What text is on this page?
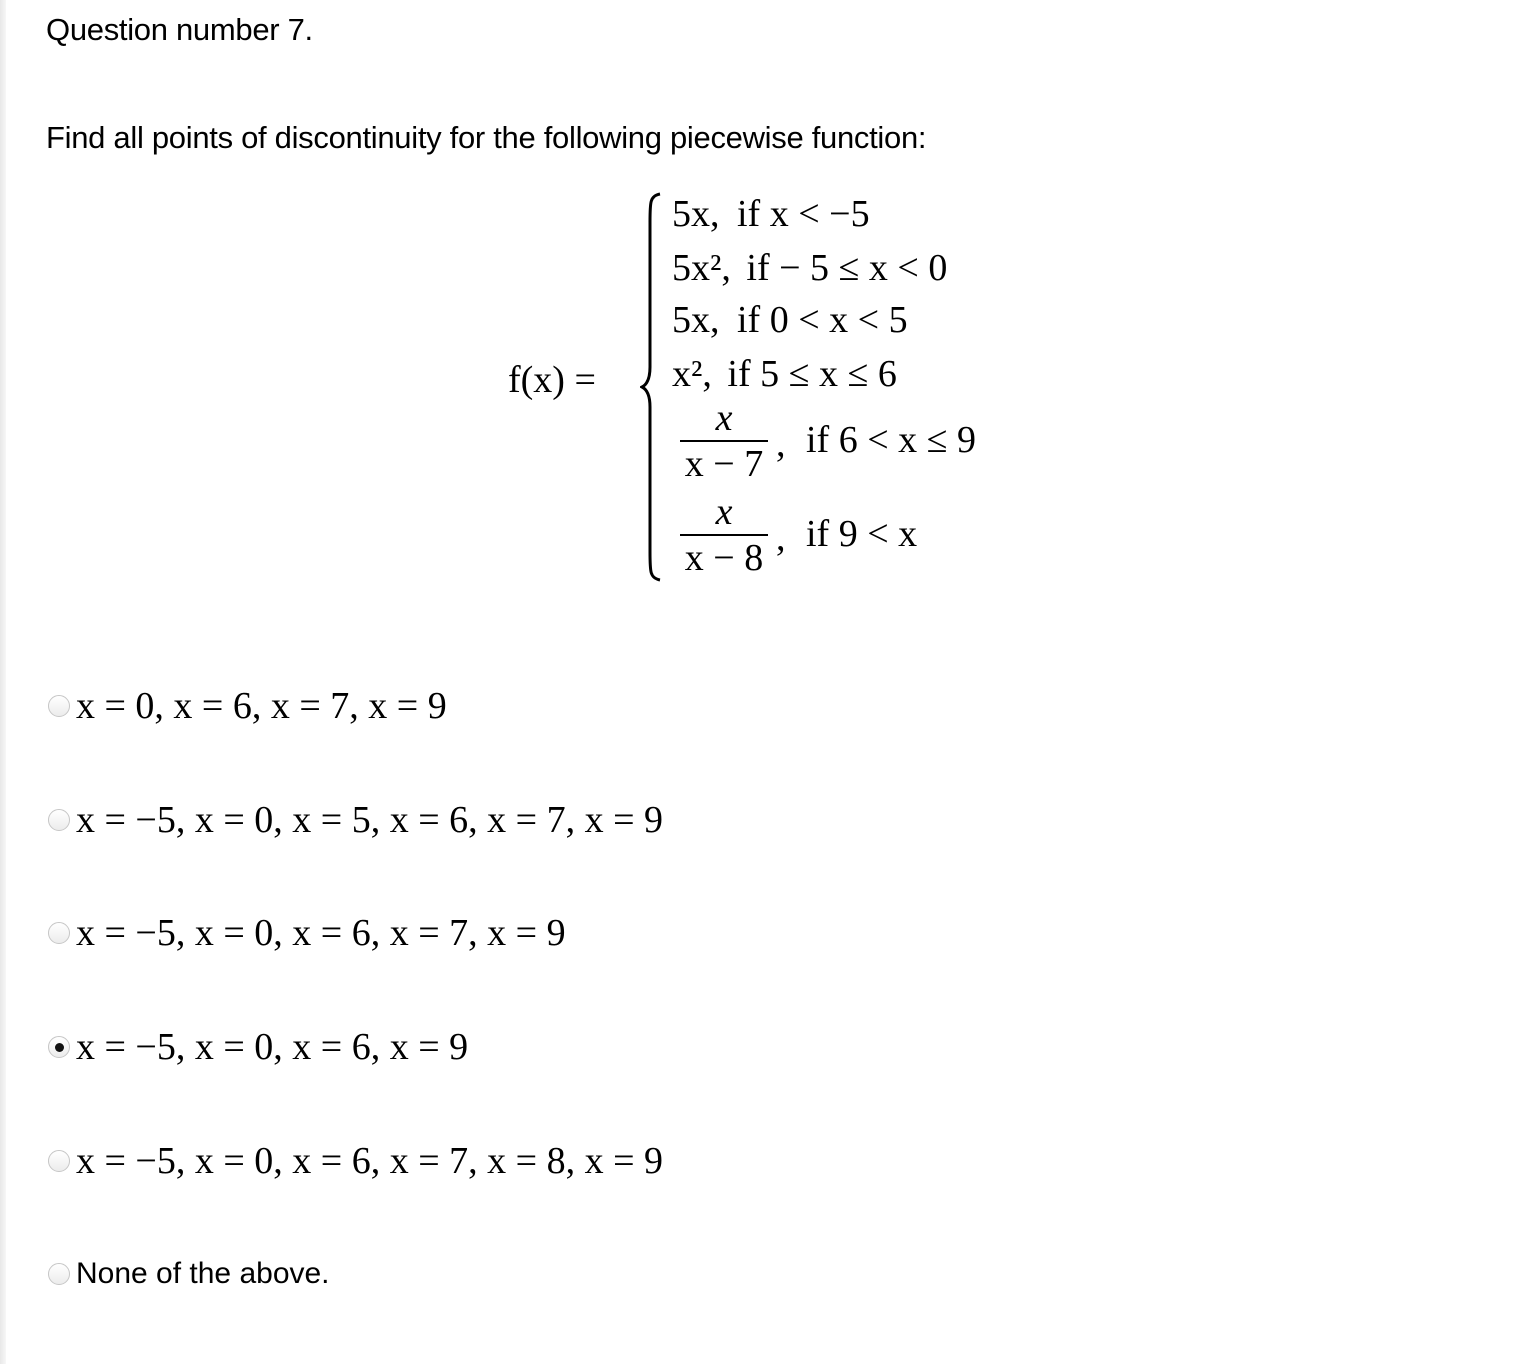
Question number 7.
Find all points of discontinuity for the following piecewise function:
f(x) =
5x, if x < −5
5x², if − 5 ≤ x < 0
5x, if 0 < x < 5
x², if 5 ≤ x ≤ 6
x
x − 7 , if 6 < x ≤ 9
x
x − 8 , if 9 < x
x = 0, x = 6, x = 7, x = 9
x = −5, x = 0, x = 5, x = 6, x = 7, x = 9
x = −5, x = 0, x = 6, x = 7, x = 9
x = −5, x = 0, x = 6, x = 9
x = −5, x = 0, x = 6, x = 7, x = 8, x = 9
None of the above.
